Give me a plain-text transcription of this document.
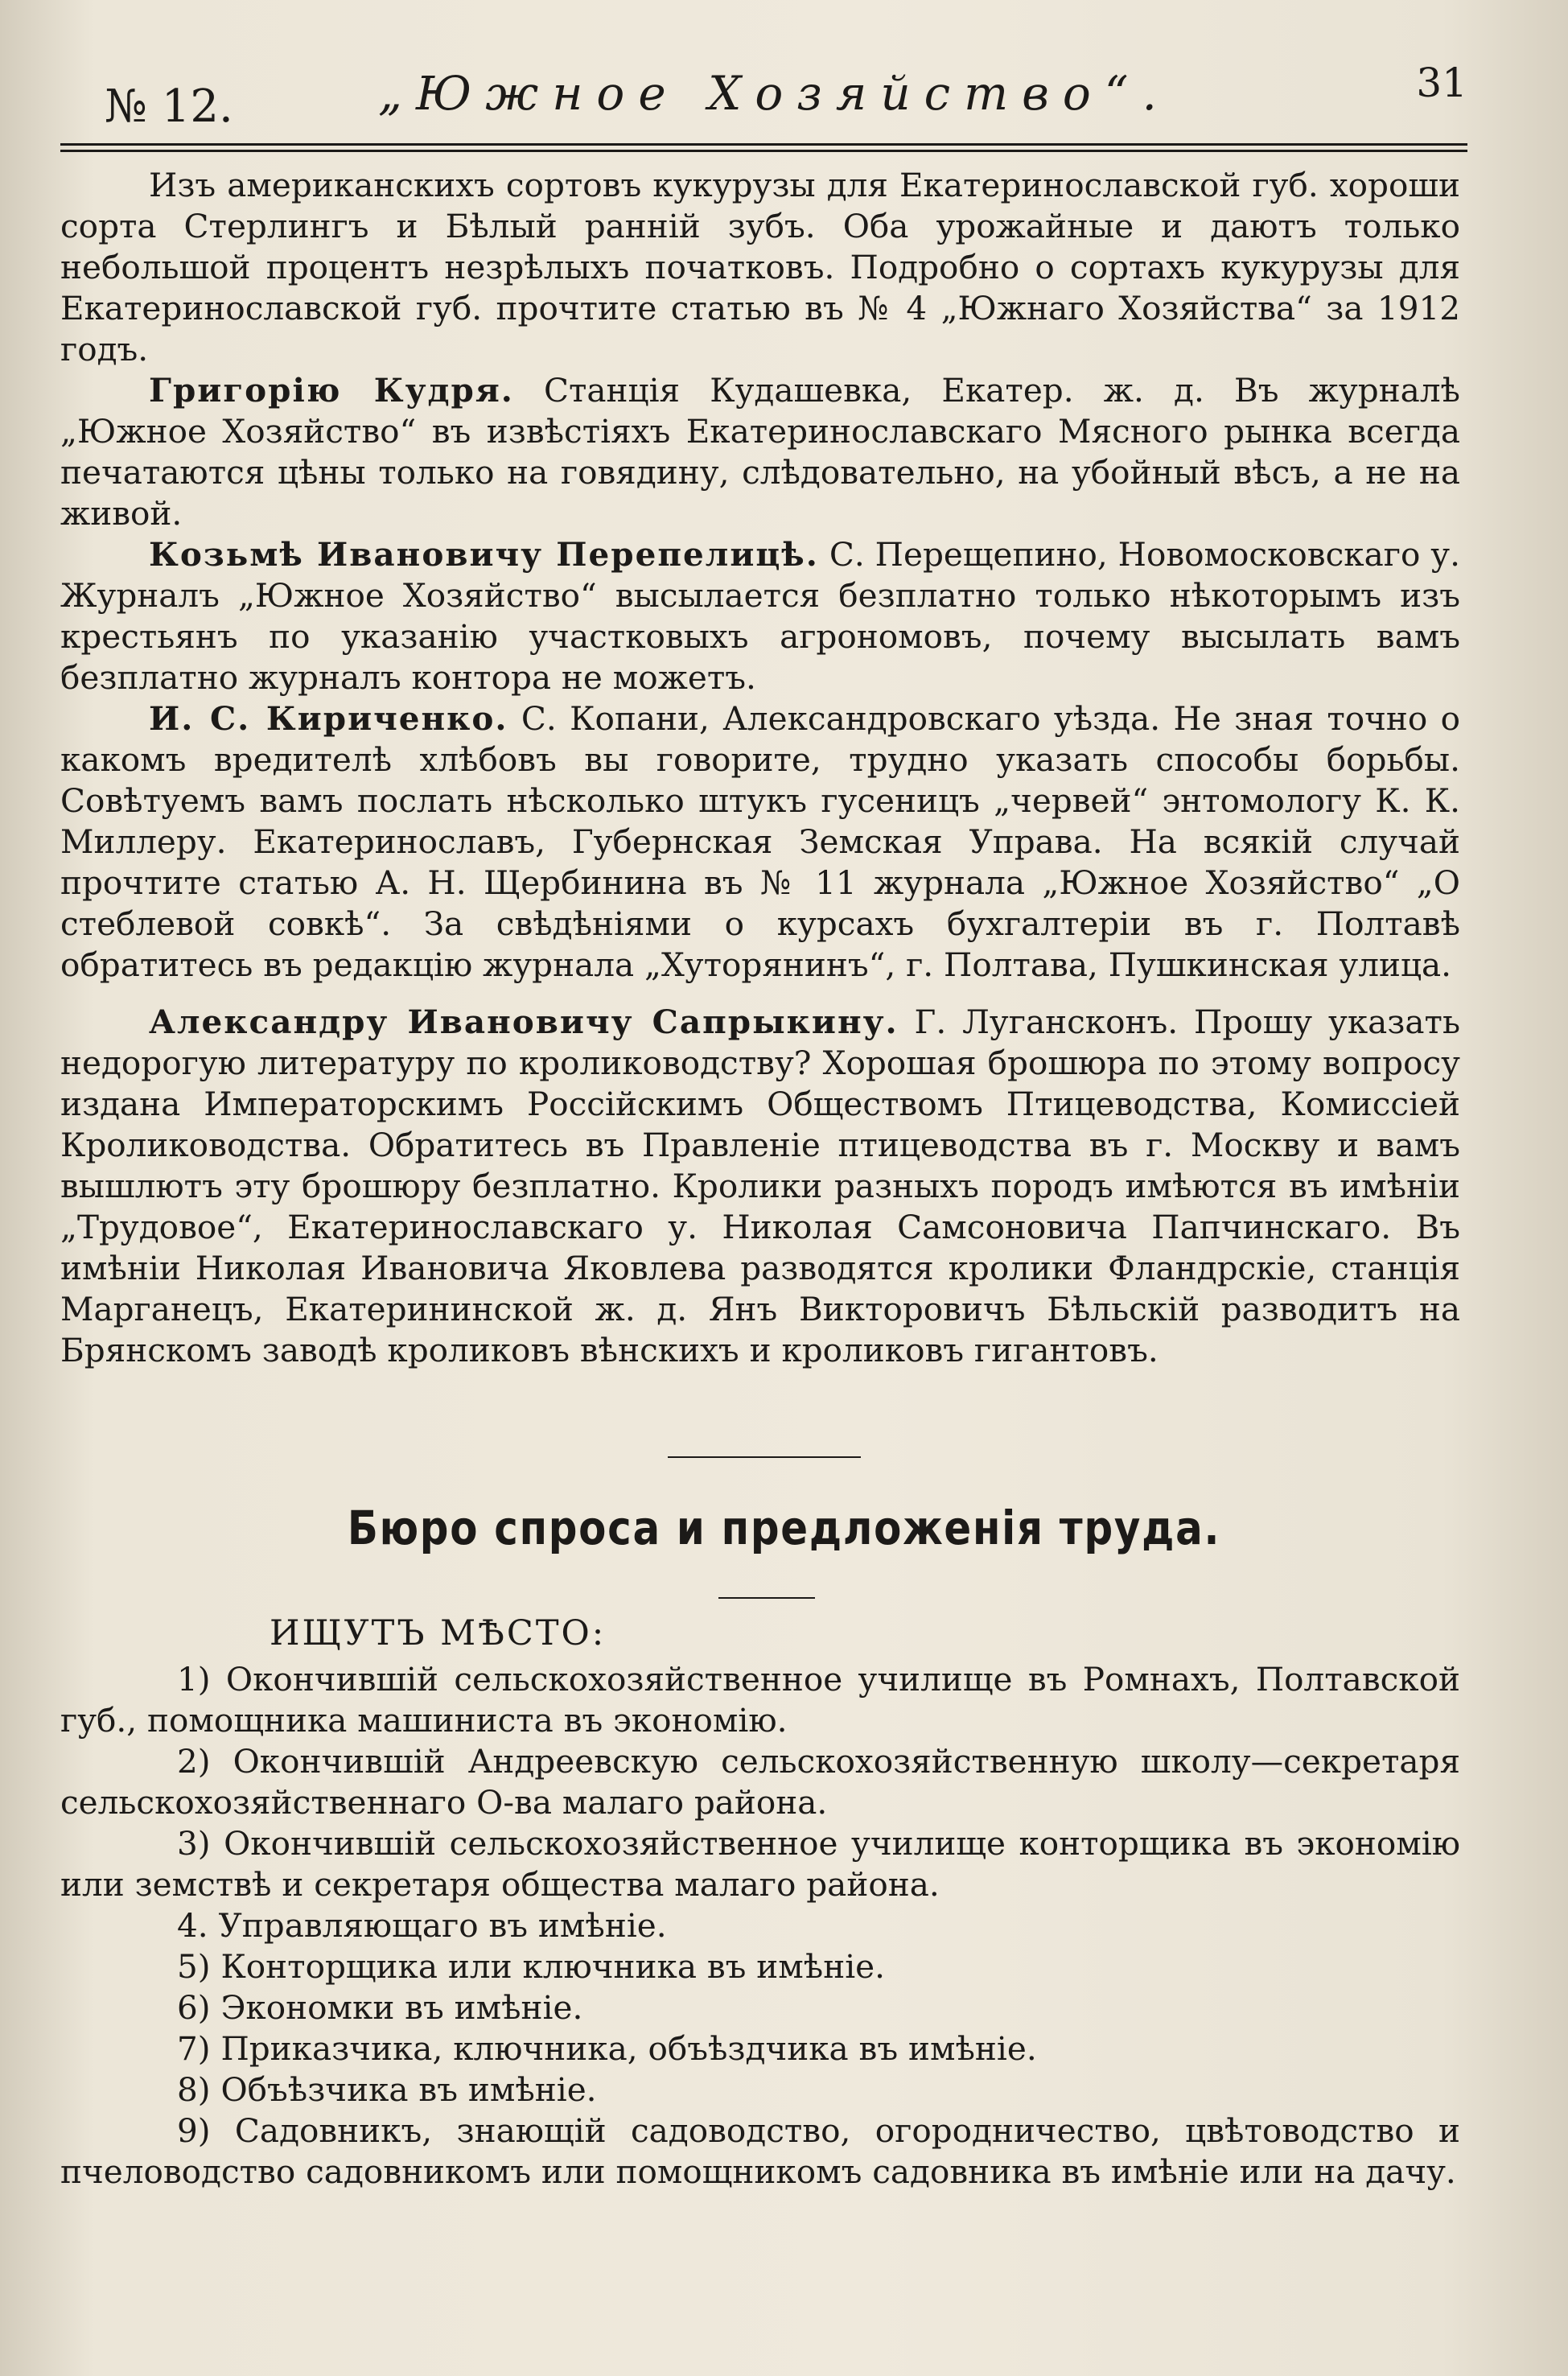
№ 12.	„Южное Хозяйство“.	31

Изъ американскихъ сортовъ кукурузы для Екатеринославской губ. хороши сорта Стерлингъ и Бѣлый ранній зубъ. Оба урожайные и даютъ только небольшой процентъ незрѣлыхъ початковъ. Подробно о сортахъ кукурузы для Екатеринославской губ. прочтите статью въ № 4 „Южнаго Хозяйства“ за 1912 годъ.

Григорію Кудря. Станція Кудашевка, Екатер. ж. д. Въ журналѣ „Южное Хозяйство“ въ извѣстіяхъ Екатеринославскаго Мясного рынка всегда печатаются цѣны только на говядину, слѣдовательно, на убойный вѣсъ, а не на живой.

Козьмѣ Ивановичу Перепелицѣ. С. Перещепино, Новомосковскаго у. Журналъ „Южное Хозяйство“ высылается безплатно только нѣкоторымъ изъ крестьянъ по указанію участковыхъ агрономовъ, почему высылать вамъ безплатно журналъ контора не можетъ.

И. С. Кириченко. С. Копани, Александровскаго уѣзда. Не зная точно о какомъ вредителѣ хлѣбовъ вы говорите, трудно указать способы борьбы. Совѣтуемъ вамъ послать нѣсколько штукъ гусеницъ „червей“ энтомологу К. К. Миллеру. Екатеринославъ, Губернская Земская Управа. На всякій случай прочтите статью А. Н. Щербинина въ № 11 журнала „Южное Хозяйство“ „О стеблевой совкѣ“. За свѣдѣніями о курсахъ бухгалтеріи въ г. Полтавѣ обратитесь въ редакцію журнала „Хуторянинъ“, г. Полтава, Пушкинская улица.

Александру Ивановичу Сапрыкину. Г. Лугансконъ. Прошу указать недорогую литературу по кролиководству? Хорошая брошюра по этому вопросу издана Императорскимъ Россійскимъ Обществомъ Птицеводства, Комиссіей Кролиководства. Обратитесь въ Правленіе птицеводства въ г. Москву и вамъ вышлютъ эту брошюру безплатно. Кролики разныхъ породъ имѣются въ имѣніи „Трудовое“, Екатеринославскаго у. Николая Самсоновича Папчинскаго. Въ имѣніи Николая Ивановича Яковлева разводятся кролики Фландрскіе, станція Марганецъ, Екатерининской ж. д. Янъ Викторовичъ Бѣльскій разводитъ на Брянскомъ заводѣ кроликовъ вѣнскихъ и кроликовъ гигантовъ.

Бюро спроса и предложенія труда.
ИЩУТЪ МѢСТО:

1) Окончившій сельскохозяйственное училище въ Ромнахъ, Полтавской губ., помощника машиниста въ экономію.

2) Окончившій Андреевскую сельскохозяйственную школу—секретаря сельскохозяйственнаго О-ва малаго района.

3) Окончившій сельскохозяйственное училище конторщика въ экономію или земствѣ и секретаря общества малаго района.

4. Управляющаго въ имѣніе.

5) Конторщика или ключника въ имѣніе.

6) Экономки въ имѣніе.

7) Приказчика, ключника, объѣздчика въ имѣніе.

8) Объѣзчика въ имѣніе.

9) Садовникъ, знающій садоводство, огородничество, цвѣтоводство и пчеловодство садовникомъ или помощникомъ садовника въ имѣніе или на дачу.
